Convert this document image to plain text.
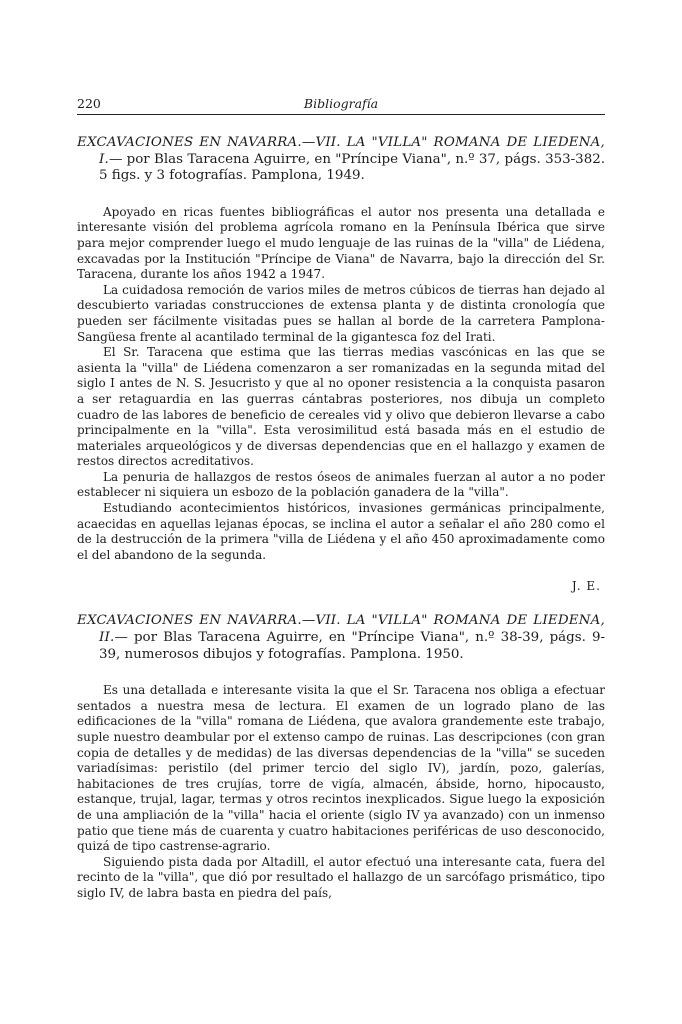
220	Bibliografía
EXCAVACIONES EN NAVARRA.—VII. LA "VILLA" ROMANA DE LIEDENA, I.— por Blas Taracena Aguirre, en "Príncipe Viana", n.º 37, págs. 353-382. 5 figs. y 3 fotografías. Pamplona, 1949.

Apoyado en ricas fuentes bibliográficas el autor nos presenta una detallada e interesante visión del problema agrícola romano en la Península Ibérica que sirve para mejor comprender luego el mudo lenguaje de las ruinas de la "villa" de Liédena, excavadas por la Institución "Príncipe de Viana" de Navarra, bajo la dirección del Sr. Taracena, durante los años 1942 a 1947.

La cuidadosa remoción de varios miles de metros cúbicos de tierras han dejado al descubierto variadas construcciones de extensa planta y de distinta cronología que pueden ser fácilmente visitadas pues se hallan al borde de la carretera Pamplona-Sangüesa frente al acantilado terminal de la gigantesca foz del Irati.

El Sr. Taracena que estima que las tierras medias vascónicas en las que se asienta la "villa" de Liédena comenzaron a ser romanizadas en la segunda mitad del siglo I antes de N. S. Jesucristo y que al no oponer resistencia a la conquista pasaron a ser retaguardia en las guerras cántabras posteriores, nos dibuja un completo cuadro de las labores de beneficio de cereales vid y olivo que debieron llevarse a cabo principalmente en la "villa". Esta verosimilitud está basada más en el estudio de materiales arqueológicos y de diversas dependencias que en el hallazgo y examen de restos directos acreditativos.

La penuria de hallazgos de restos óseos de animales fuerzan al autor a no poder establecer ni siquiera un esbozo de la población ganadera de la "villa".

Estudiando acontecimientos históricos, invasiones germánicas principalmente, acaecidas en aquellas lejanas épocas, se inclina el autor a señalar el año 280 como el de la destrucción de la primera "villa de Liédena y el año 450 aproximadamente como el del abandono de la segunda.

J. E.
EXCAVACIONES EN NAVARRA.—VII. LA "VILLA" ROMANA DE LIEDENA, II.— por Blas Taracena Aguirre, en "Príncipe Viana", n.º 38-39, págs. 9-39, numerosos dibujos y fotografías. Pamplona. 1950.

Es una detallada e interesante visita la que el Sr. Taracena nos obliga a efectuar sentados a nuestra mesa de lectura. El examen de un logrado plano de las edificaciones de la "villa" romana de Liédena, que avalora grandemente este trabajo, suple nuestro deambular por el extenso campo de ruinas. Las descripciones (con gran copia de detalles y de medidas) de las diversas dependencias de la "villa" se suceden variadísimas: peristilo (del primer tercio del siglo IV), jardín, pozo, galerías, habitaciones de tres crujías, torre de vigía, almacén, ábside, horno, hipocausto, estanque, trujal, lagar, termas y otros recintos inexplicados. Sigue luego la exposición de una ampliación de la "villa" hacia el oriente (siglo IV ya avanzado) con un inmenso patio que tiene más de cuarenta y cuatro habitaciones periféricas de uso desconocido, quizá de tipo castrense-agrario.

Siguiendo pista dada por Altadill, el autor efectuó una interesante cata, fuera del recinto de la "villa", que dió por resultado el hallazgo de un sarcófago prismático, tipo siglo IV, de labra basta en piedra del país,
